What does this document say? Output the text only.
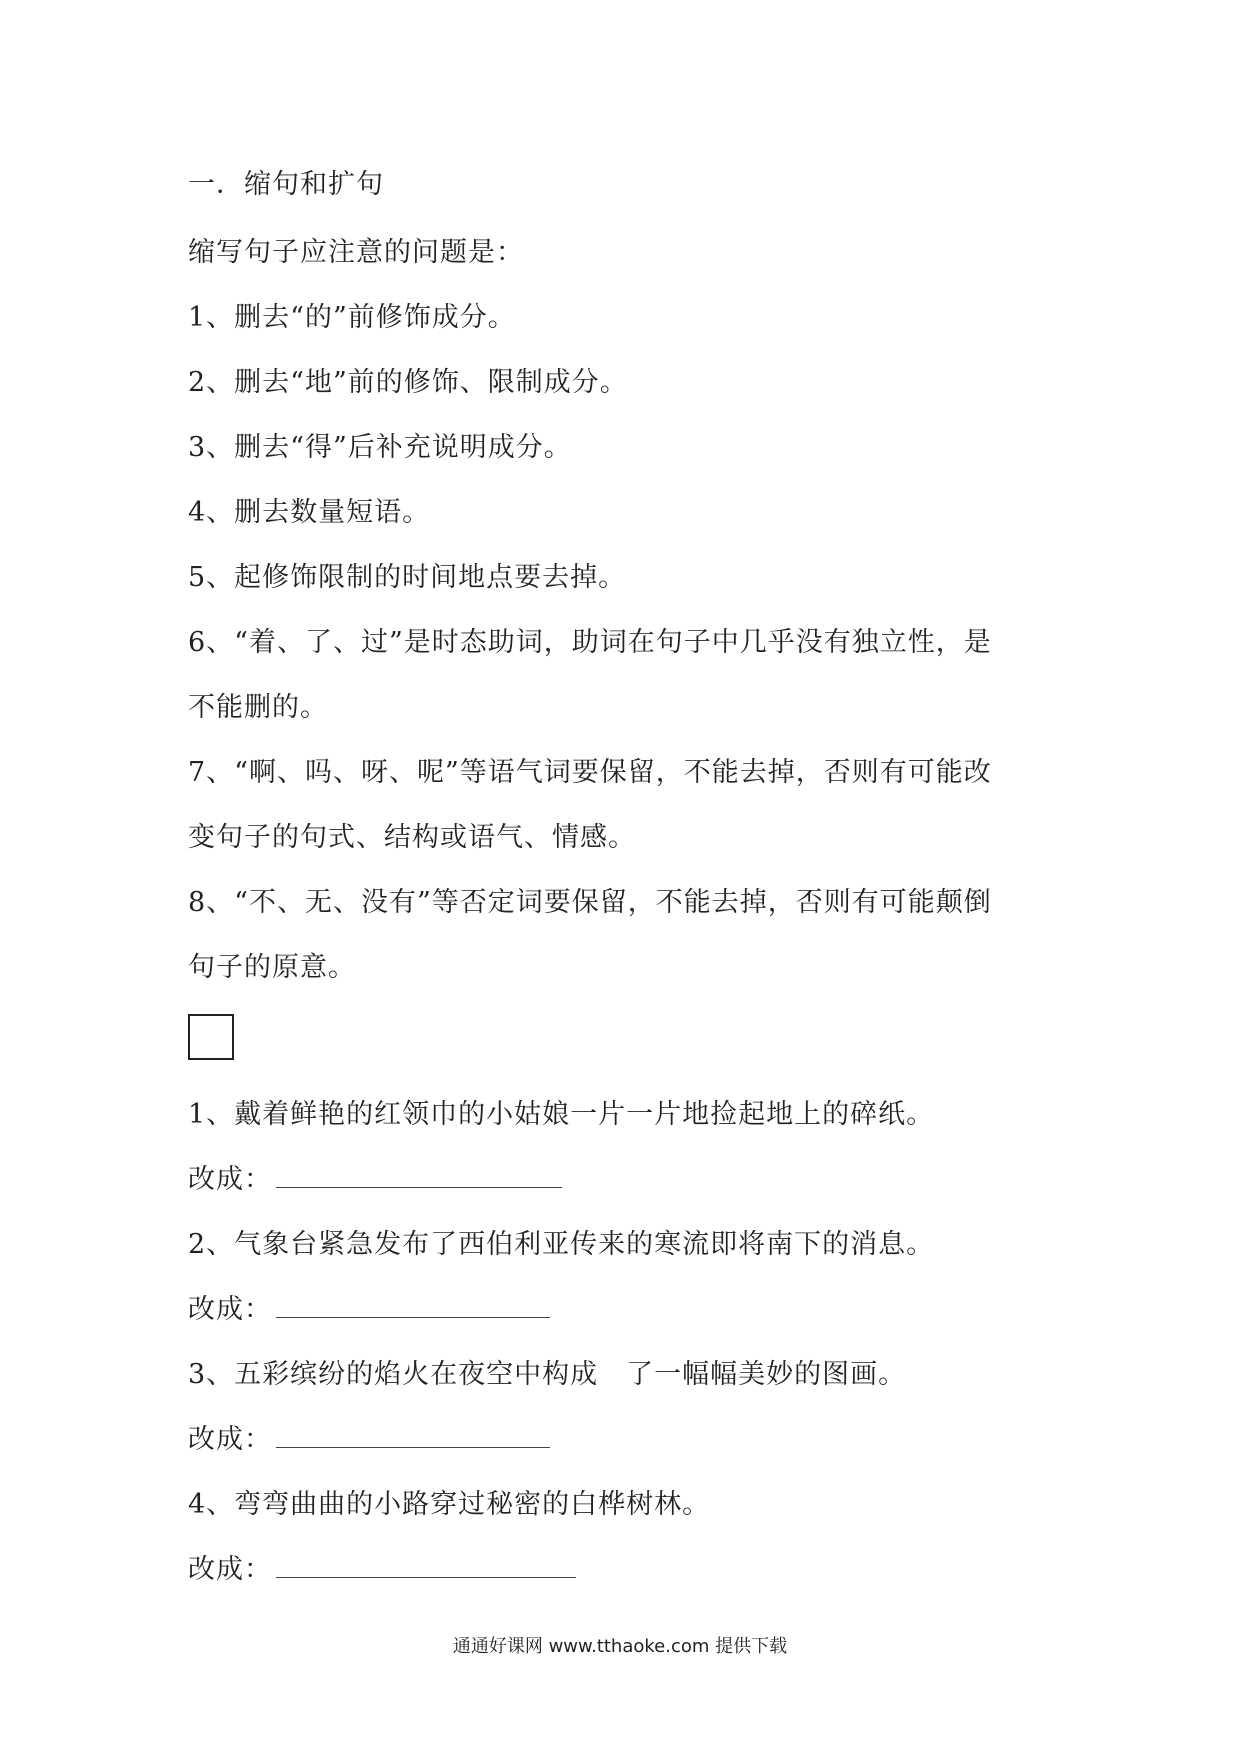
一．缩句和扩句
缩写句子应注意的问题是：
1、删去“的”前修饰成分。
2、删去“地”前的修饰、限制成分。
3、删去“得”后补充说明成分。
4、删去数量短语。
5、起修饰限制的时间地点要去掉。
6、“着、了、过”是时态助词，助词在句子中几乎没有独立性，是
不能删的。
7、“啊、吗、呀、呢”等语气词要保留，不能去掉，否则有可能改
变句子的句式、结构或语气、情感。
8、“不、无、没有”等否定词要保留，不能去掉，否则有可能颠倒
句子的原意。
1、戴着鲜艳的红领巾的小姑娘一片一片地捡起地上的碎纸。
改成：
2、气象台紧急发布了西伯利亚传来的寒流即将南下的消息。
改成：
3、五彩缤纷的焰火在夜空中构成　了一幅幅美妙的图画。
改成：
4、弯弯曲曲的小路穿过秘密的白桦树林。
改成：
通通好课网 www.tthaoke.com 提供下载
